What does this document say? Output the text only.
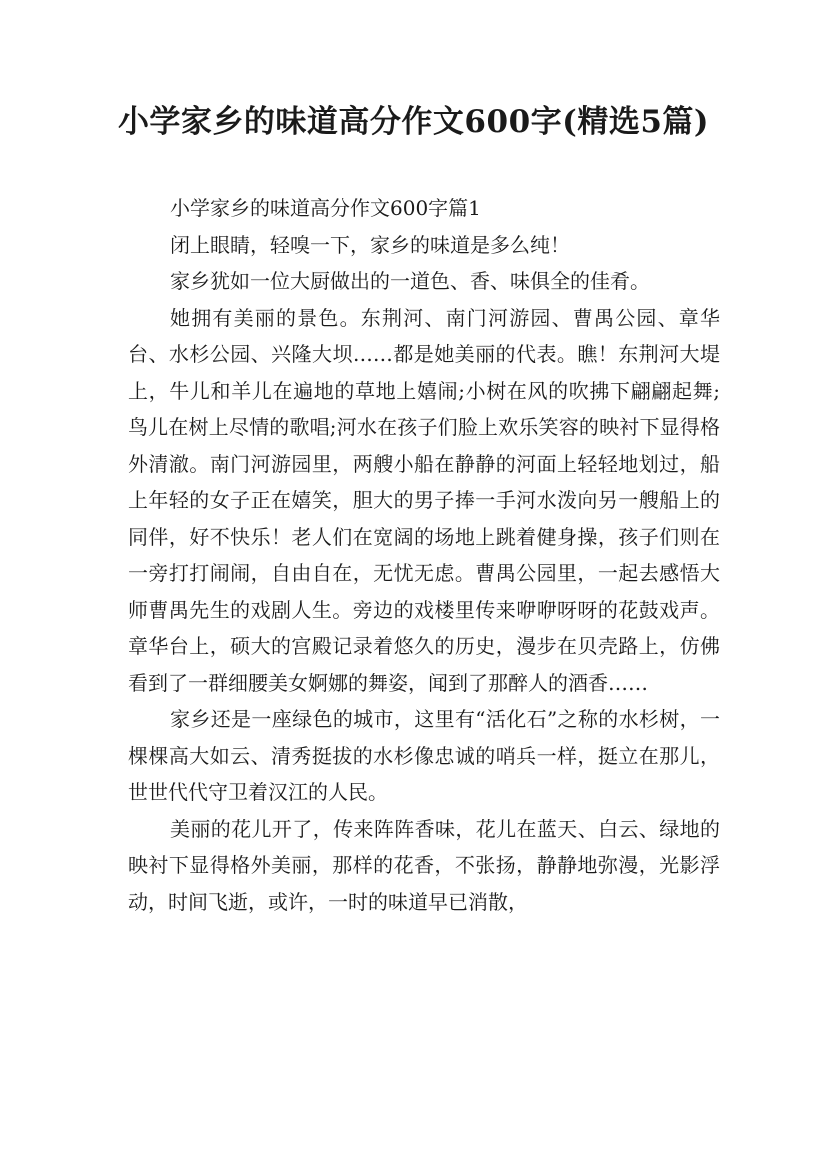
小学家乡的味道高分作文600字(精选5篇)

小学家乡的味道高分作文600字篇1

闭上眼睛，轻嗅一下，家乡的味道是多么纯！

家乡犹如一位大厨做出的一道色、香、味俱全的佳肴。

她拥有美丽的景色。东荆河、南门河游园、曹禺公园、章华台、水杉公园、兴隆大坝……都是她美丽的代表。瞧！东荆河大堤上，牛儿和羊儿在遍地的草地上嬉闹;小树在风的吹拂下翩翩起舞;鸟儿在树上尽情的歌唱;河水在孩子们脸上欢乐笑容的映衬下显得格外清澈。南门河游园里，两艘小船在静静的河面上轻轻地划过，船上年轻的女子正在嬉笑，胆大的男子捧一手河水泼向另一艘船上的同伴，好不快乐！老人们在宽阔的场地上跳着健身操，孩子们则在一旁打打闹闹，自由自在，无忧无虑。曹禺公园里，一起去感悟大师曹禺先生的戏剧人生。旁边的戏楼里传来咿咿呀呀的花鼓戏声。章华台上，硕大的宫殿记录着悠久的历史，漫步在贝壳路上，仿佛看到了一群细腰美女婀娜的舞姿，闻到了那醉人的酒香……

家乡还是一座绿色的城市，这里有“活化石”之称的水杉树，一棵棵高大如云、清秀挺拔的水杉像忠诚的哨兵一样，挺立在那儿，世世代代守卫着汉江的人民。

美丽的花儿开了，传来阵阵香味，花儿在蓝天、白云、绿地的映衬下显得格外美丽，那样的花香，不张扬，静静地弥漫，光影浮动，时间飞逝，或许，一时的味道早已消散，
